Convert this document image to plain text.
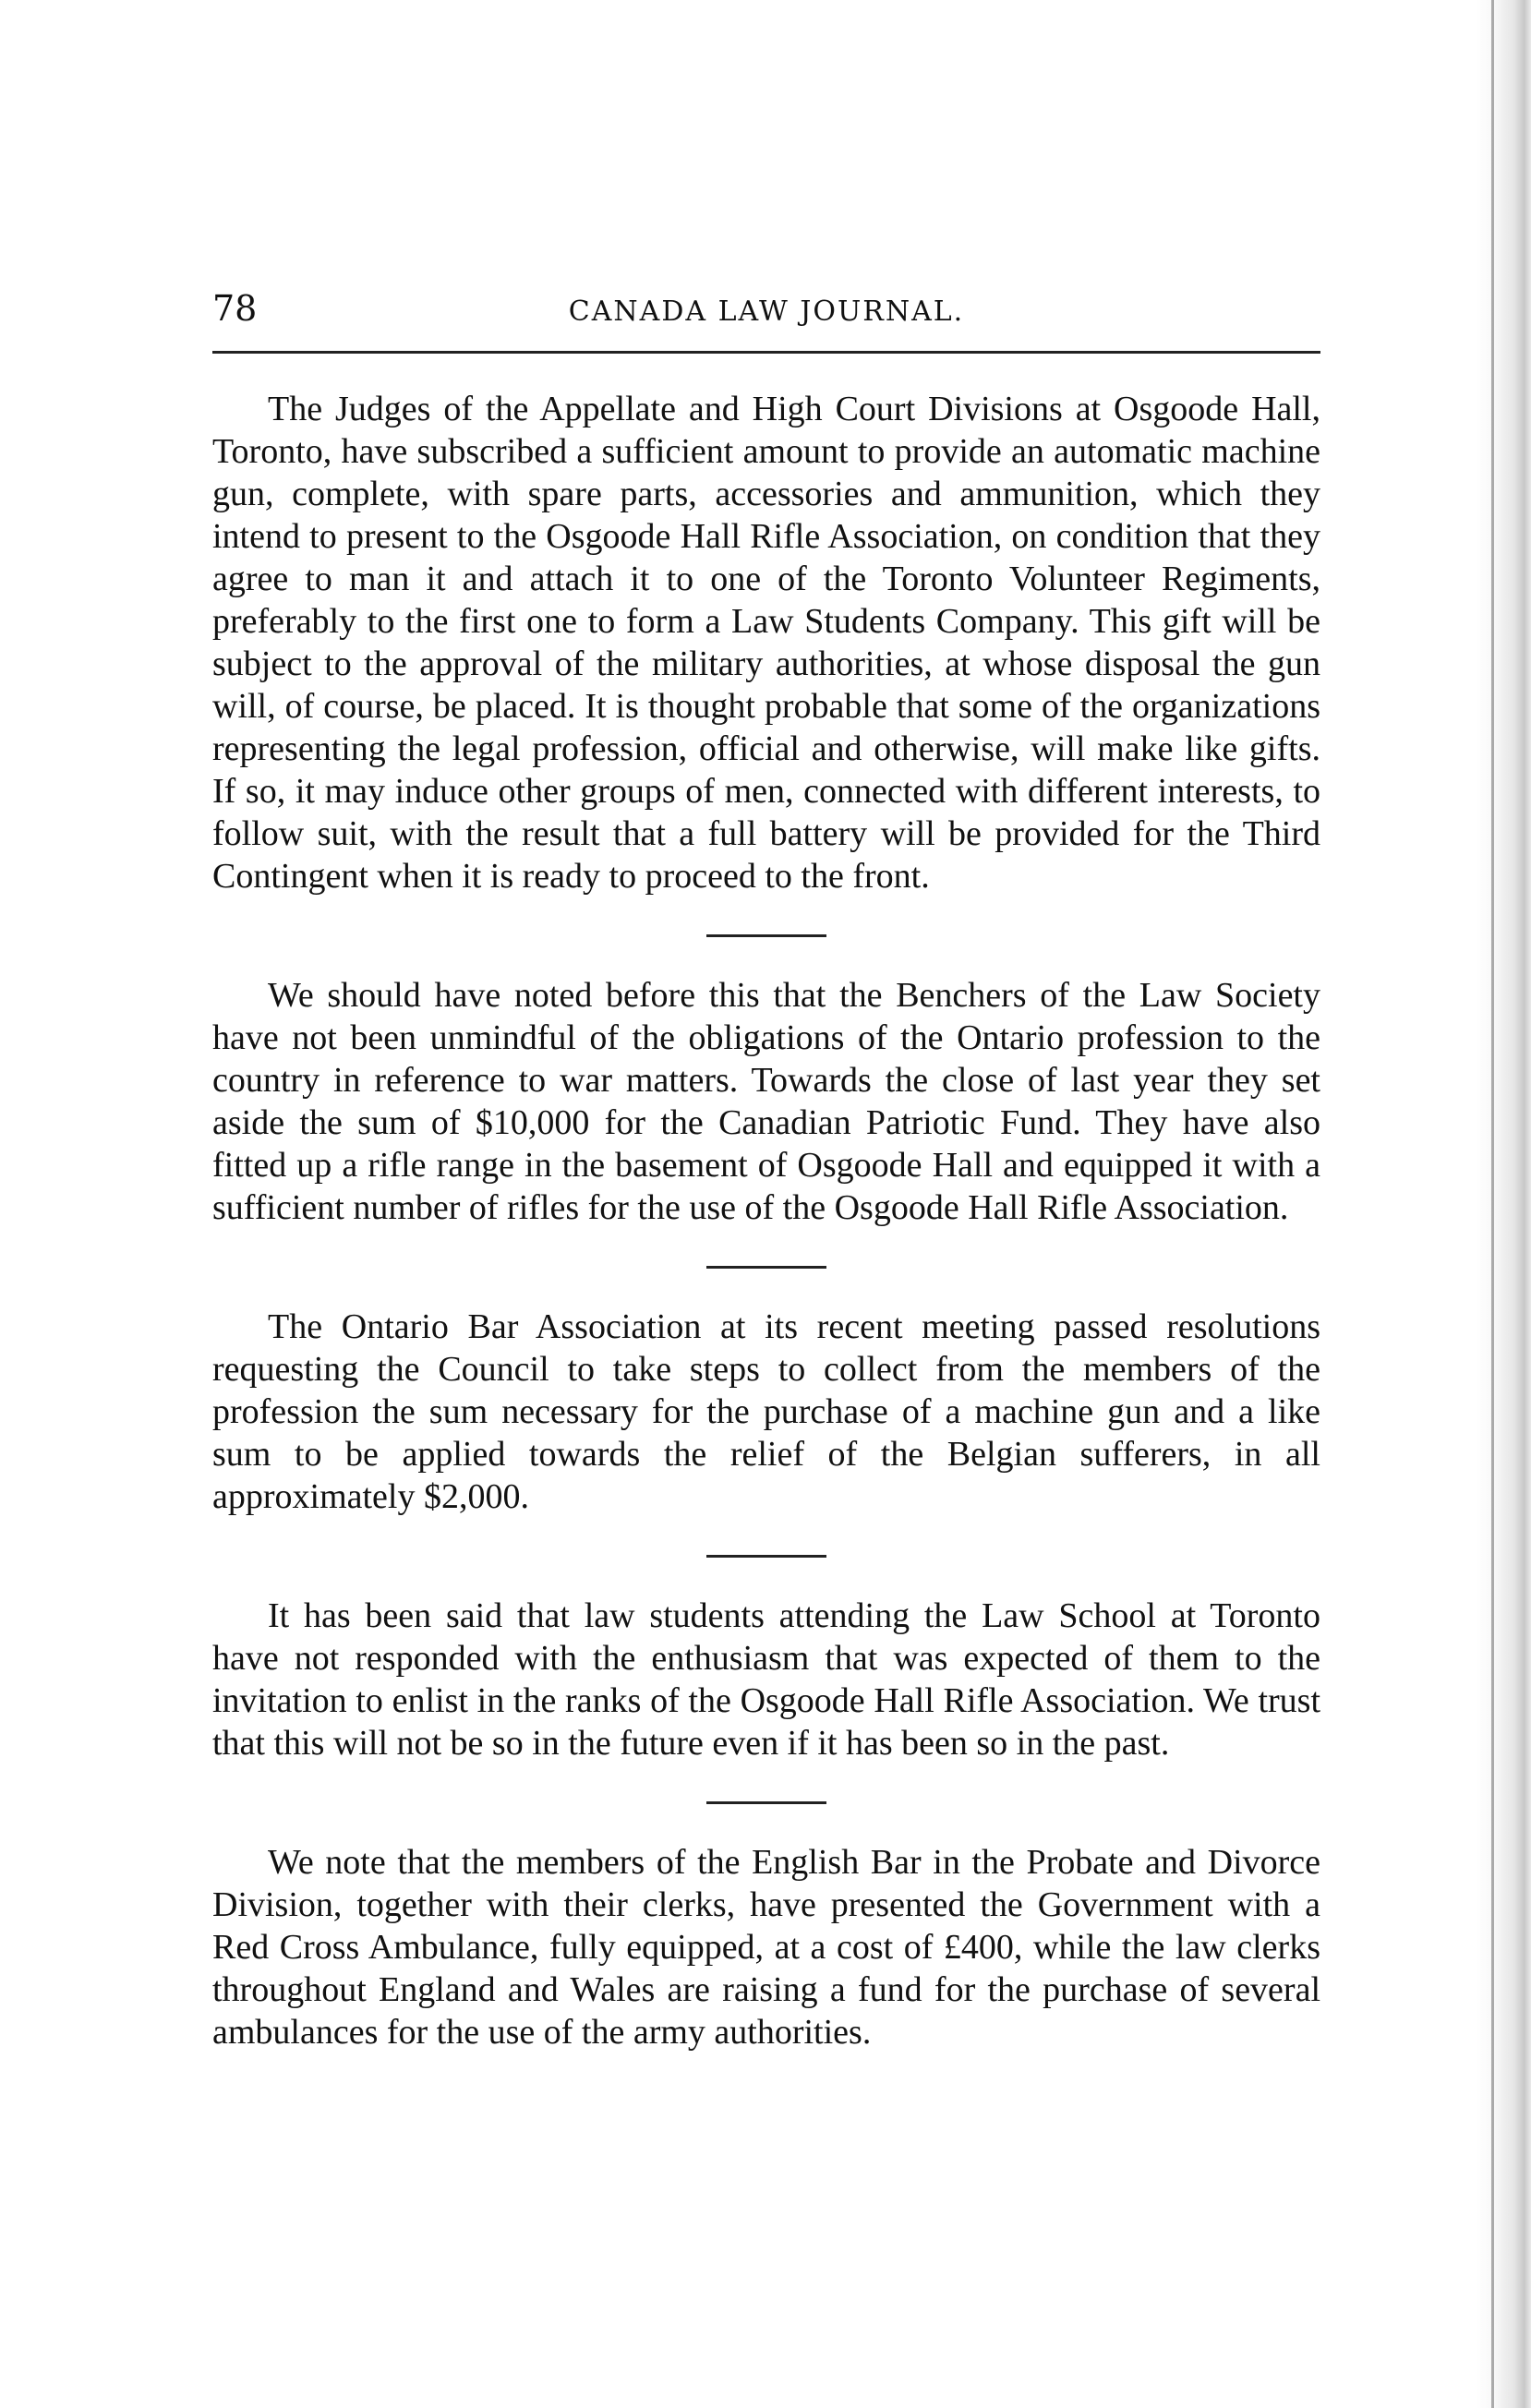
78	CANADA LAW JOURNAL.

The Judges of the Appellate and High Court Divisions at Osgoode Hall, Toronto, have subscribed a sufficient amount to provide an automatic machine gun, complete, with spare parts, accessories and ammunition, which they intend to present to the Osgoode Hall Rifle Association, on condition that they agree to man it and attach it to one of the Toronto Volunteer Regiments, preferably to the first one to form a Law Students Company. This gift will be subject to the approval of the military authorities, at whose disposal the gun will, of course, be placed. It is thought probable that some of the organizations representing the legal profession, official and otherwise, will make like gifts. If so, it may induce other groups of men, connected with different interests, to follow suit, with the result that a full battery will be provided for the Third Contingent when it is ready to proceed to the front.

We should have noted before this that the Benchers of the Law Society have not been unmindful of the obligations of the Ontario profession to the country in reference to war matters. Towards the close of last year they set aside the sum of $10,000 for the Canadian Patriotic Fund. They have also fitted up a rifle range in the basement of Osgoode Hall and equipped it with a sufficient number of rifles for the use of the Osgoode Hall Rifle Association.

The Ontario Bar Association at its recent meeting passed resolutions requesting the Council to take steps to collect from the members of the profession the sum necessary for the purchase of a machine gun and a like sum to be applied towards the relief of the Belgian sufferers, in all approximately $2,000.

It has been said that law students attending the Law School at Toronto have not responded with the enthusiasm that was expected of them to the invitation to enlist in the ranks of the Osgoode Hall Rifle Association. We trust that this will not be so in the future even if it has been so in the past.

We note that the members of the English Bar in the Probate and Divorce Division, together with their clerks, have presented the Government with a Red Cross Ambulance, fully equipped, at a cost of £400, while the law clerks throughout England and Wales are raising a fund for the purchase of several ambulances for the use of the army authorities.
